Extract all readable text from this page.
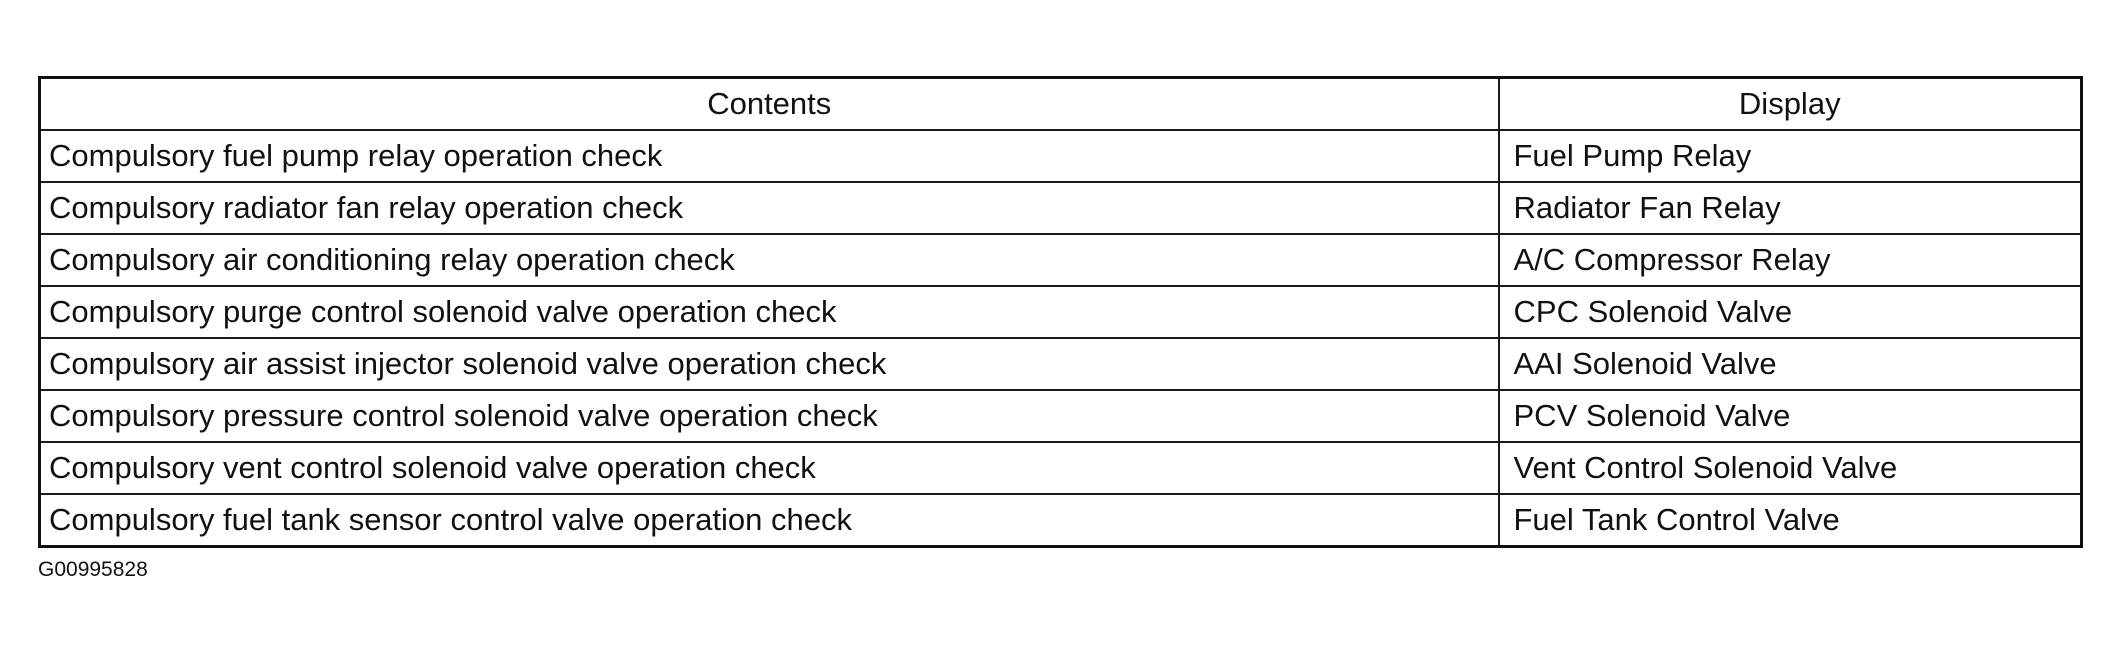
Contents	Display
Compulsory fuel pump relay operation check	Fuel Pump Relay
Compulsory radiator fan relay operation check	Radiator Fan Relay
Compulsory air conditioning relay operation check	A/C Compressor Relay
Compulsory purge control solenoid valve operation check	CPC Solenoid Valve
Compulsory air assist injector solenoid valve operation check	AAI Solenoid Valve
Compulsory pressure control solenoid valve operation check	PCV Solenoid Valve
Compulsory vent control solenoid valve operation check	Vent Control Solenoid Valve
Compulsory fuel tank sensor control valve operation check	Fuel Tank Control Valve
G00995828
